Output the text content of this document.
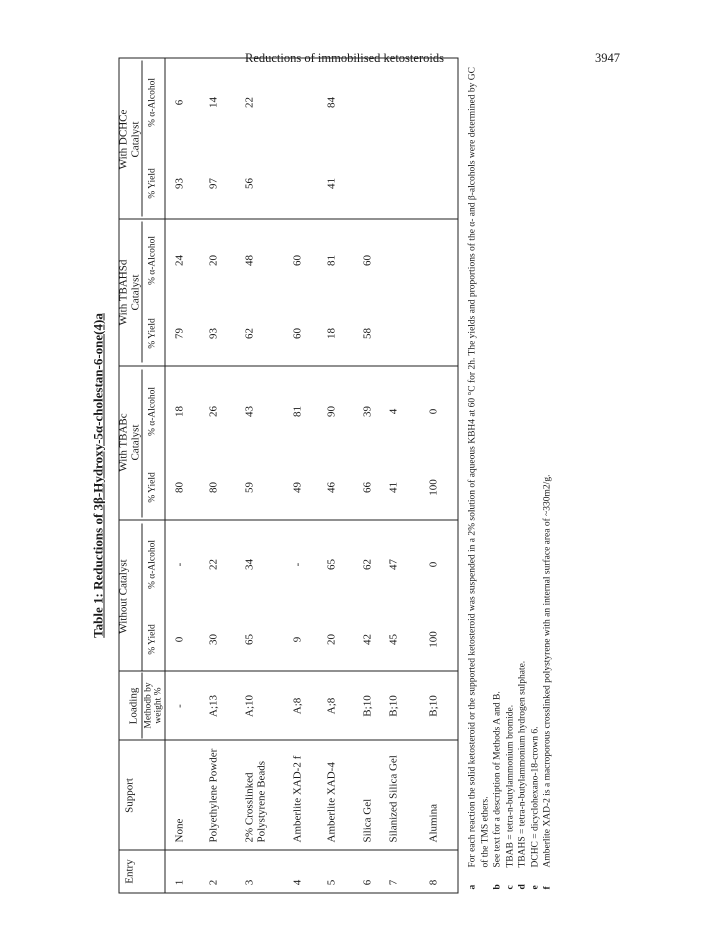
Reductions of immobilised ketosteroids	3947
Table 1: Reductions of 3β-Hydroxy-5α-cholestan-6-one(4)a
Entry
Support
Loading Methodb by weight %
Without Catalyst
With TBABc Catalyst
With TBAHSd Catalyst
With DCHCe Catalyst
% Yield
% α-Alcohol
% Yield
% α-Alcohol
% Yield
% α-Alcohol
% Yield
% α-Alcohol
1
None
-
0
-
80
18
79
24
93
6
2
Polyethylene Powder
A;13
30
22
80
26
93
20
97
14
3
2% Crosslinked Polystyrene Beads
A;10
65
34
59
43
62
48
56
22
4
Amberlite XAD-2 f
A;8
9
-
49
81
60
60
5
Amberlite XAD-4
A;8
20
65
46
90
18
81
41
84
6
Silica Gel
B;10
42
62
66
39
58
60
7
Silanized Silica Gel
B;10
45
47
41
4
8
Alumina
B;10
100
0
100
0
a
For each reaction the solid ketosteroid or the supported ketosteroid was suspended in a 2% solution of aqueous KBH4 at 60 °C for 2h. The yields and proportions of the α- and β-alcohols were determined by GC of the TMS ethers.
b
See text for a description of Methods A and B.
c
TBAB = tetra-n-butylammonium bromide.
d
TBAHS = tetra-n-butylammonium hydrogen sulphate.
e
DCHC = dicyclohexano-18-crown 6.
f
Amberlite XAD-2 is a macroporous crosslinked polystyrene with an internal surface area of ~330m2/g.
